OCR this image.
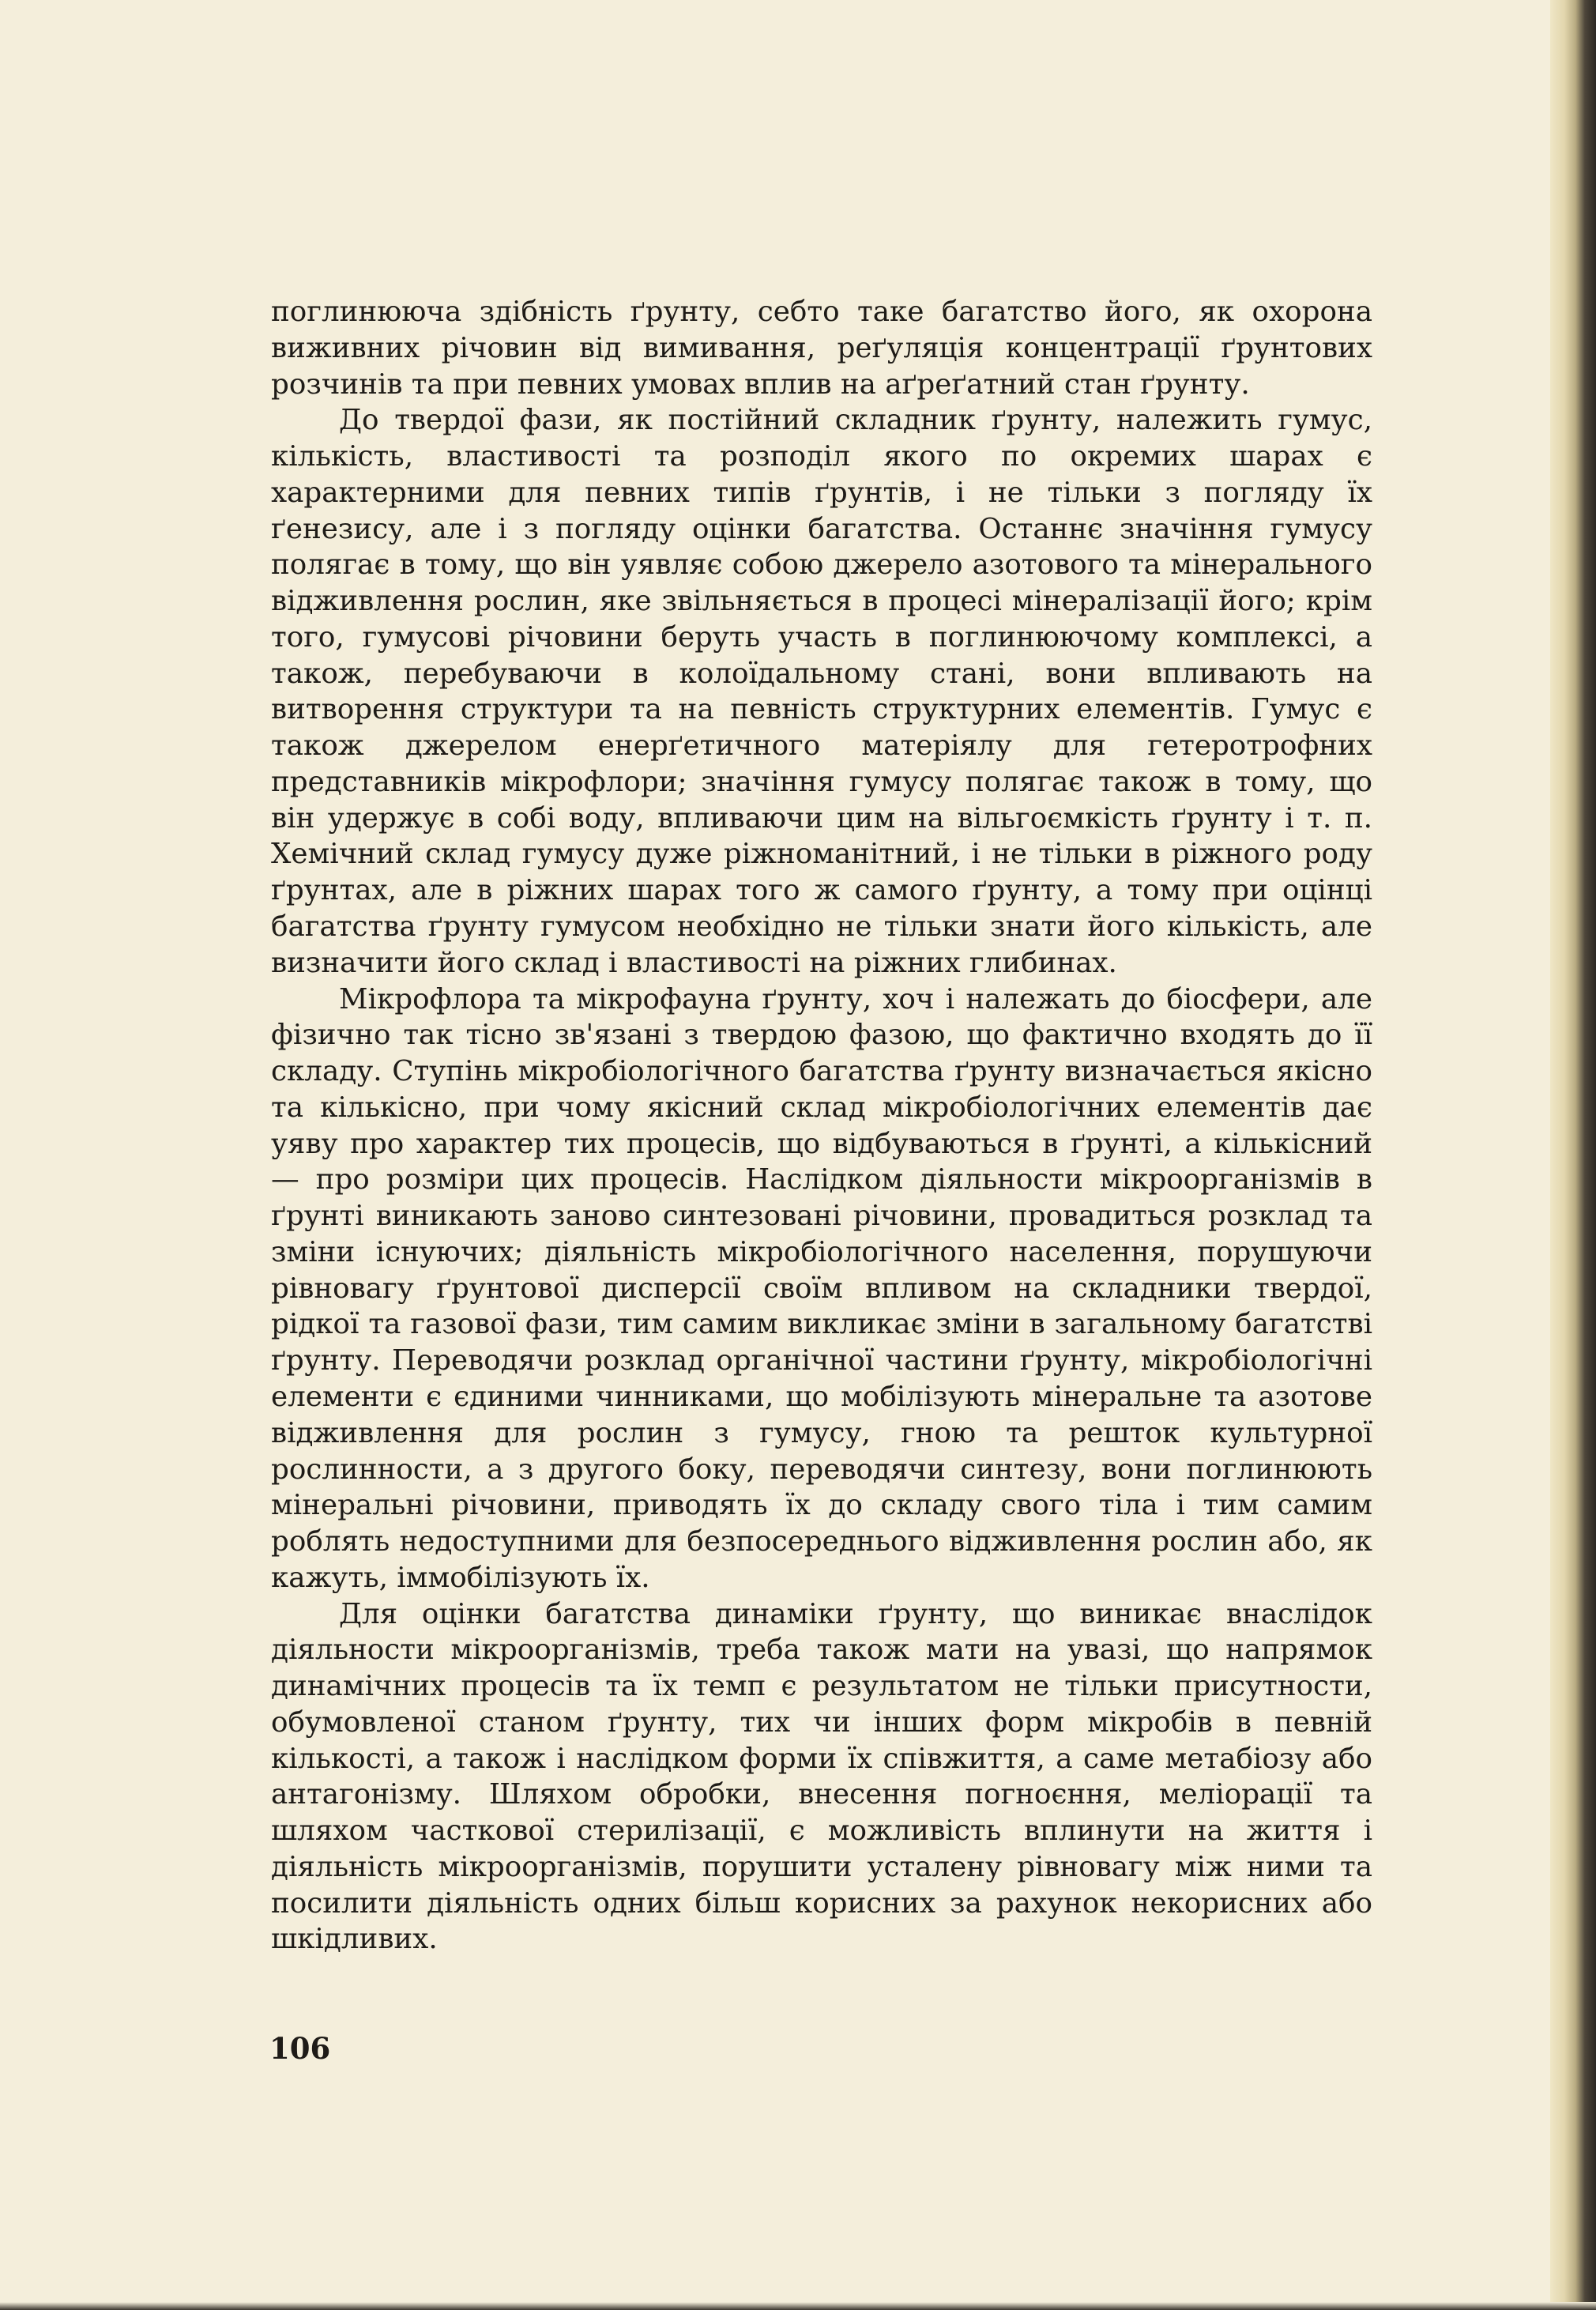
поглинююча здібність ґрунту, себто таке багатство його, як охорона виживних річовин від вимивання, реґуляція концентрації ґрунтових розчинів та при певних умовах вплив на аґреґатний стан ґрунту.

До твердої фази, як постійний складник ґрунту, належить гумус, кількість, властивості та розподіл якого по окремих шарах є характерними для певних типів ґрунтів, і не тільки з погляду їх ґенезису, але і з погляду оцінки багатства. Останнє значіння гумусу полягає в тому, що він уявляє собою джерело азотового та мінерального відживлення рослин, яке звільняється в процесі мінералізації його; крім того, гумусові річовини беруть участь в поглинюючому комплексі, а також, перебуваючи в колоїдальному стані, вони впливають на витворення структури та на певність структурних елементів. Гумус є також джерелом енерґетичного матеріялу для гетеротрофних представників мікрофлори; значіння гумусу полягає також в тому, що він удержує в собі воду, впливаючи цим на вільгоємкість ґрунту і т. п. Хемічний склад гумусу дуже ріжноманітний, і не тільки в ріжного роду ґрунтах, але в ріжних шарах того ж самого ґрунту, а тому при оцінці багатства ґрунту гумусом необхідно не тільки знати його кількість, але визначити його склад і властивості на ріжних глибинах.

Мікрофлора та мікрофауна ґрунту, хоч і належать до біосфери, але фізично так тісно зв'язані з твердою фазою, що фактично входять до її складу. Ступінь мікробіологічного багатства ґрунту визначається якісно та кількісно, при чому якісний склад мікробіологічних елементів дає уяву про характер тих процесів, що відбуваються в ґрунті, а кількісний — про розміри цих процесів. Наслідком діяльности мікроорганізмів в ґрунті виникають заново синтезовані річовини, провадиться розклад та зміни існуючих; діяльність мікробіологічного населення, порушуючи рівновагу ґрунтової дисперсії своїм впливом на складники твердої, рідкої та газової фази, тим самим викликає зміни в загальному багатстві ґрунту. Переводячи розклад органічної частини ґрунту, мікробіологічні елементи є єдиними чинниками, що мобілізують мінеральне та азотове відживлення для рослин з гумусу, гною та решток культурної рослинности, а з другого боку, переводячи синтезу, вони поглинюють мінеральні річовини, приводять їх до складу свого тіла і тим самим роблять недоступними для безпосереднього відживлення рослин або, як кажуть, іммобілізують їх.

Для оцінки багатства динаміки ґрунту, що виникає внаслідок діяльности мікроорганізмів, треба також мати на увазі, що напрямок динамічних процесів та їх темп є результатом не тільки присутности, обумовленої станом ґрунту, тих чи інших форм мікробів в певній кількості, а також і наслідком форми їх співжиття, а саме метабіозу або антагонізму. Шляхом обробки, внесення погноєння, меліорації та шляхом часткової стерилізації, є можливість вплинути на життя і діяльність мікроорганізмів, порушити усталену рівновагу між ними та посилити діяльність одних більш корисних за рахунок некорисних або шкідливих.

106
